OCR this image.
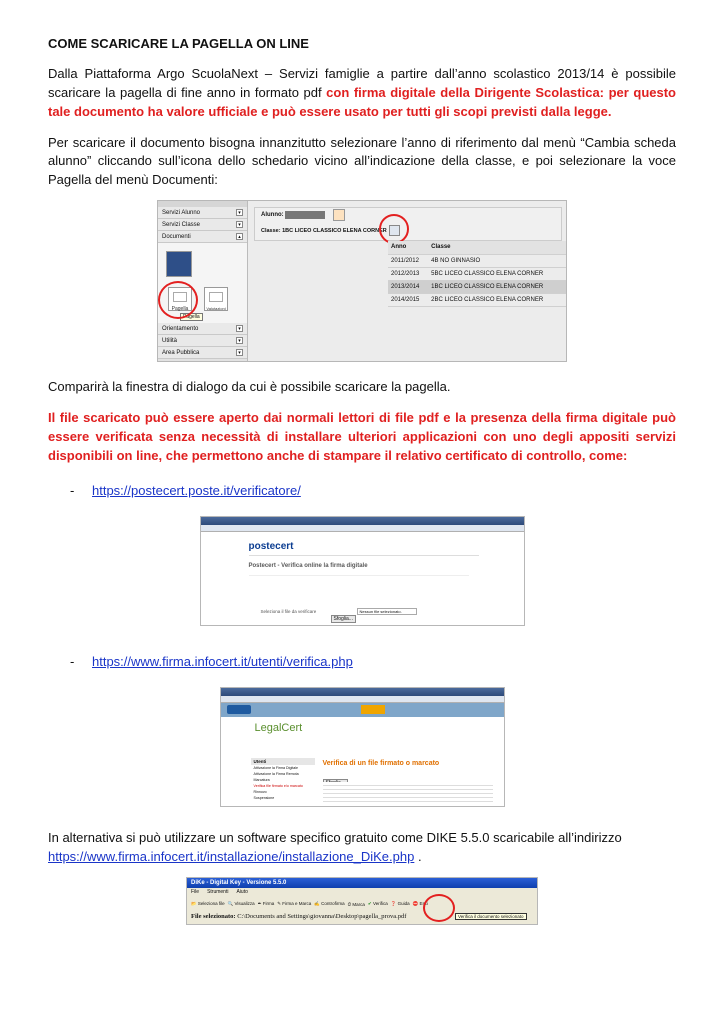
COME SCARICARE LA PAGELLA ON LINE

Dalla Piattaforma Argo ScuolaNext – Servizi famiglie a partire dall’anno scolastico 2013/14 è possibile scaricare la pagella di fine anno in formato pdf con firma digitale della Dirigente Scolastica: per questo tale documento ha valore ufficiale e può essere usato per tutti gli scopi previsti dalla legge.

Per scaricare il documento bisogna innanzitutto selezionare l’anno di riferimento dal menù “Cambia scheda alunno” cliccando sull’icona dello schedario vicino all’indicazione della classe, e poi selezionare la voce Pagella del menù Documenti:

Servizi Alunno	▾
Servizi Classe	▾
Documenti	▴
Pagella	Valutazioni
Pagella
Orientamento	▾
Utilità	▾
Area Pubblica	▾
Alunno:
Classe: 1BC LICEO CLASSICO ELENA CORNER
Anno	Classe
2011/2012	4B NO GINNASIO
2012/2013	5BC LICEO CLASSICO ELENA CORNER
2013/2014	1BC LICEO CLASSICO ELENA CORNER
2014/2015	2BC LICEO CLASSICO ELENA CORNER

Comparirà la finestra di dialogo da cui è possibile scaricare la pagella.

Il file scaricato può essere aperto dai normali lettori di file pdf e la presenza della firma digitale può essere verificata senza necessità di installare ulteriori applicazioni con uno degli appositi servizi disponibili on line, che permettono anche di stampare il relativo certificato di controllo, come:

-	https://postecert.poste.it/verificatore/
postecert
Postecert - Verifica online la firma digitale
Seleziona il file da verificare
Sfoglia...
Nessun file selezionato.
-	https://www.firma.infocert.it/utenti/verifica.php
LegalCert
Utenti
Attivazione la Firma Digitale
Attivazione la Firma Remota
Marcatura
Verifica file firmato e/o marcato
Rinnovo
Sospensione
Verifica di un file firmato o marcato

In alternativa si può utilizzare un software specifico gratuito come DIKE 5.5.0 scaricabile all’indirizzo
https://www.firma.infocert.it/installazione/installazione_DiKe.php .

DiKe - Digital Key - Versione 5.5.0
File Strumenti Aiuto
📂 Seleziona file 🔍 Visualizza ✒ Firma ✎ Firma e Marca ✍ Controfirma ⏱ Marca ✔ Verifica ❓ Guida ⛔ Esci
File selezionato: C:\Documents and Settings\giovanna\Desktop\pagella_prova.pdf	Verifica il documento selezionato
